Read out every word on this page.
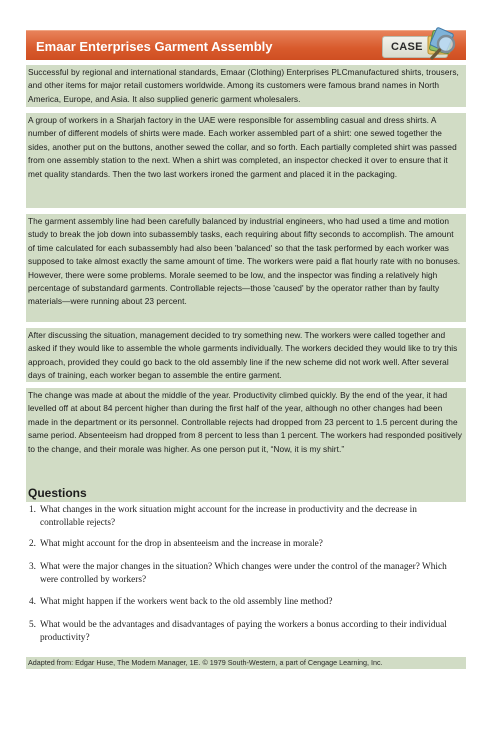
Emaar Enterprises Garment Assembly	CASE
Successful by regional and international standards, Emaar (Clothing) Enterprises PLCmanufactured shirts, trousers, and other items for major retail customers worldwide. Among its customers were famous brand names in North America, Europe, and Asia. It also supplied generic garment wholesalers.
A group of workers in a Sharjah factory in the UAE were responsible for assembling casual and dress shirts. A number of different models of shirts were made. Each worker assembled part of a shirt: one sewed together the sides, another put on the buttons, another sewed the collar, and so forth. Each partially completed shirt was passed from one assembly station to the next. When a shirt was completed, an inspector checked it over to ensure that it met quality standards. Then the two last workers ironed the garment and placed it in the packaging.
The garment assembly line had been carefully balanced by industrial engineers, who had used a time and motion study to break the job down into subassembly tasks, each requiring about fifty seconds to accomplish. The amount of time calculated for each subassembly had also been 'balanced' so that the task performed by each worker was supposed to take almost exactly the same amount of time. The workers were paid a flat hourly rate with no bonuses. However, there were some problems. Morale seemed to be low, and the inspector was finding a relatively high percentage of substandard garments. Controllable rejects—those 'caused' by the operator rather than by faulty materials—were running about 23 percent.
After discussing the situation, management decided to try something new. The workers were called together and asked if they would like to assemble the whole garments individually. The workers decided they would like to try this approach, provided they could go back to the old assembly line if the new scheme did not work well. After several days of training, each worker began to assemble the entire garment.
The change was made at about the middle of the year. Productivity climbed quickly. By the end of the year, it had levelled off at about 84 percent higher than during the first half of the year, although no other changes had been made in the department or its personnel. Controllable rejects had dropped from 23 percent to 1.5 percent during the same period. Absenteeism had dropped from 8 percent to less than 1 percent. The workers had responded positively to the change, and their morale was higher. As one person put it, “Now, it is my shirt.”
Questions
1. What changes in the work situation might account for the increase in productivity and the decrease in controllable rejects?
2. What might account for the drop in absenteeism and the increase in morale?
3. What were the major changes in the situation? Which changes were under the control of the manager? Which were controlled by workers?
4. What might happen if the workers went back to the old assembly line method?
5. What would be the advantages and disadvantages of paying the workers a bonus according to their individual productivity?
Adapted from: Edgar Huse, The Modern Manager, 1E. © 1979 South-Western, a part of Cengage Learning, Inc.
